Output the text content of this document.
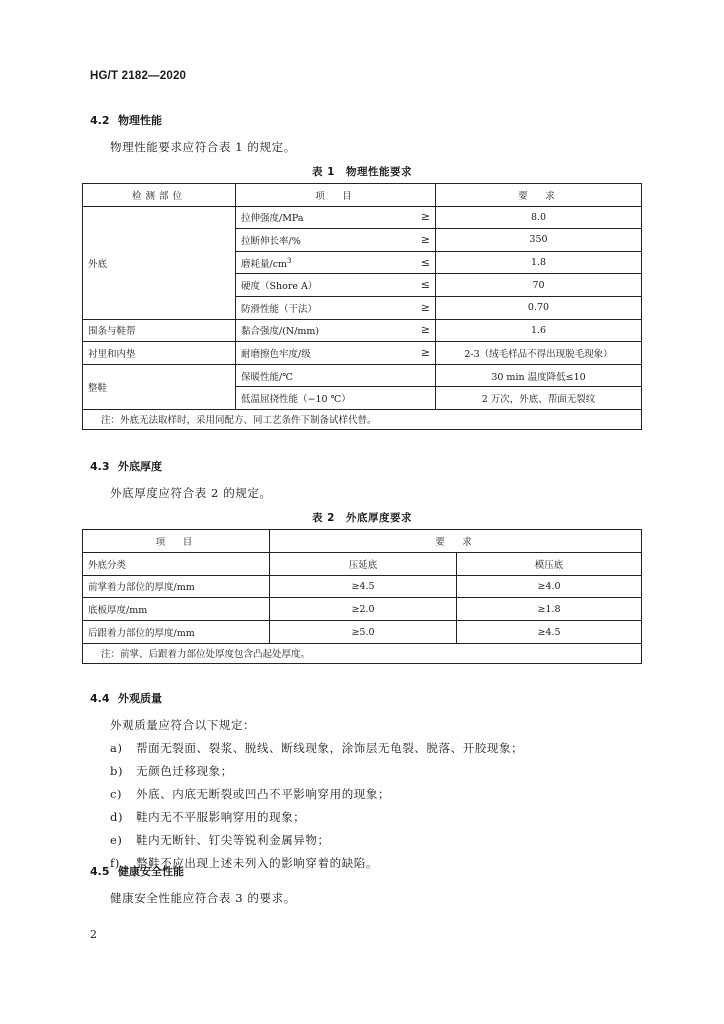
HG/T 2182—2020
4.2 物理性能
物理性能要求应符合表 1 的规定。
表 1　物理性能要求
检测部位	项　目	要　求
外底	拉伸强度/MPa ≥	8.0
	拉断伸长率/% ≥	350
	磨耗量$/cm^3$ ≤	1.8
	硬度（Shore A） ≤	70
	防滑性能（干法） ≥	0.70
围条与鞋帮	黏合强度/(N/mm) ≥	1.6
衬里和内垫	耐磨擦色牢度/级 ≥	2-3（绒毛样品不得出现脱毛现象）
整鞋	保暖性能/℃	30 min 温度降低≤10
	低温屈挠性能（−10 ℃）	2 万次，外底、帮面无裂纹
注：外底无法取样时，采用同配方、同工艺条件下制备试样代替。		
4.3 外底厚度
外底厚度应符合表 2 的规定。
表 2　外底厚度要求
项　目	要　求	
外底分类	压延底	模压底
前掌着力部位的厚度/mm	≥4.5	≥4.0
底板厚度/mm	≥2.0	≥1.8
后跟着力部位的厚度/mm	≥5.0	≥4.5
注：前掌、后跟着力部位处厚度包含凸起处厚度。		
4.4 外观质量
外观质量应符合以下规定：
a) 帮面无裂面、裂浆、脱线、断线现象，涂饰层无龟裂、脱落、开胶现象；
b) 无颜色迁移现象；
c) 外底、内底无断裂或凹凸不平影响穿用的现象；
d) 鞋内无不平服影响穿用的现象；
e) 鞋内无断针、钉尖等锐利金属异物；
f) 整鞋不应出现上述未列入的影响穿着的缺陷。
4.5 健康安全性能
健康安全性能应符合表 3 的要求。
2
